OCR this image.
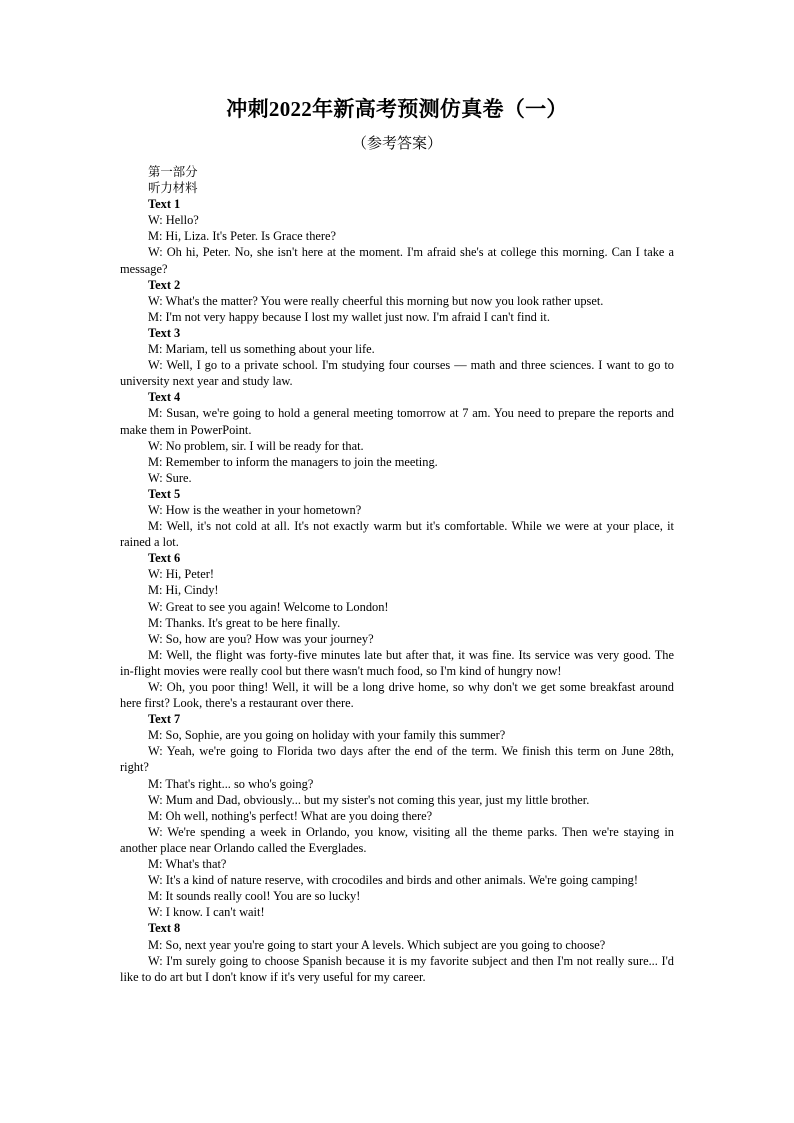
冲刺2022年新高考预测仿真卷（一）
（参考答案）

第一部分

听力材料

Text 1

W: Hello?

M: Hi, Liza. It's Peter. Is Grace there?

W: Oh hi, Peter. No, she isn't here at the moment. I'm afraid she's at college this morning. Can I take a message?

Text 2

W: What's the matter? You were really cheerful this morning but now you look rather upset.

M: I'm not very happy because I lost my wallet just now. I'm afraid I can't find it.

Text 3

M: Mariam, tell us something about your life.

W: Well, I go to a private school. I'm studying four courses — math and three sciences. I want to go to university next year and study law.

Text 4

M: Susan, we're going to hold a general meeting tomorrow at 7 am. You need to prepare the reports and make them in PowerPoint.

W: No problem, sir. I will be ready for that.

M: Remember to inform the managers to join the meeting.

W: Sure.

Text 5

W: How is the weather in your hometown?

M: Well, it's not cold at all. It's not exactly warm but it's comfortable. While we were at your place, it rained a lot.

Text 6

W: Hi, Peter!

M: Hi, Cindy!

W: Great to see you again! Welcome to London!

M: Thanks. It's great to be here finally.

W: So, how are you? How was your journey?

M: Well, the flight was forty-five minutes late but after that, it was fine. Its service was very good. The in-flight movies were really cool but there wasn't much food, so I'm kind of hungry now!

W: Oh, you poor thing! Well, it will be a long drive home, so why don't we get some breakfast around here first? Look, there's a restaurant over there.

Text 7

M: So, Sophie, are you going on holiday with your family this summer?

W: Yeah, we're going to Florida two days after the end of the term. We finish this term on June 28th, right?

M: That's right... so who's going?

W: Mum and Dad, obviously... but my sister's not coming this year, just my little brother.

M: Oh well, nothing's perfect! What are you doing there?

W: We're spending a week in Orlando, you know, visiting all the theme parks. Then we're staying in another place near Orlando called the Everglades.

M: What's that?

W: It's a kind of nature reserve, with crocodiles and birds and other animals. We're going camping!

M: It sounds really cool! You are so lucky!

W: I know. I can't wait!

Text 8

M: So, next year you're going to start your A levels. Which subject are you going to choose?

W: I'm surely going to choose Spanish because it is my favorite subject and then I'm not really sure... I'd like to do art but I don't know if it's very useful for my career.
